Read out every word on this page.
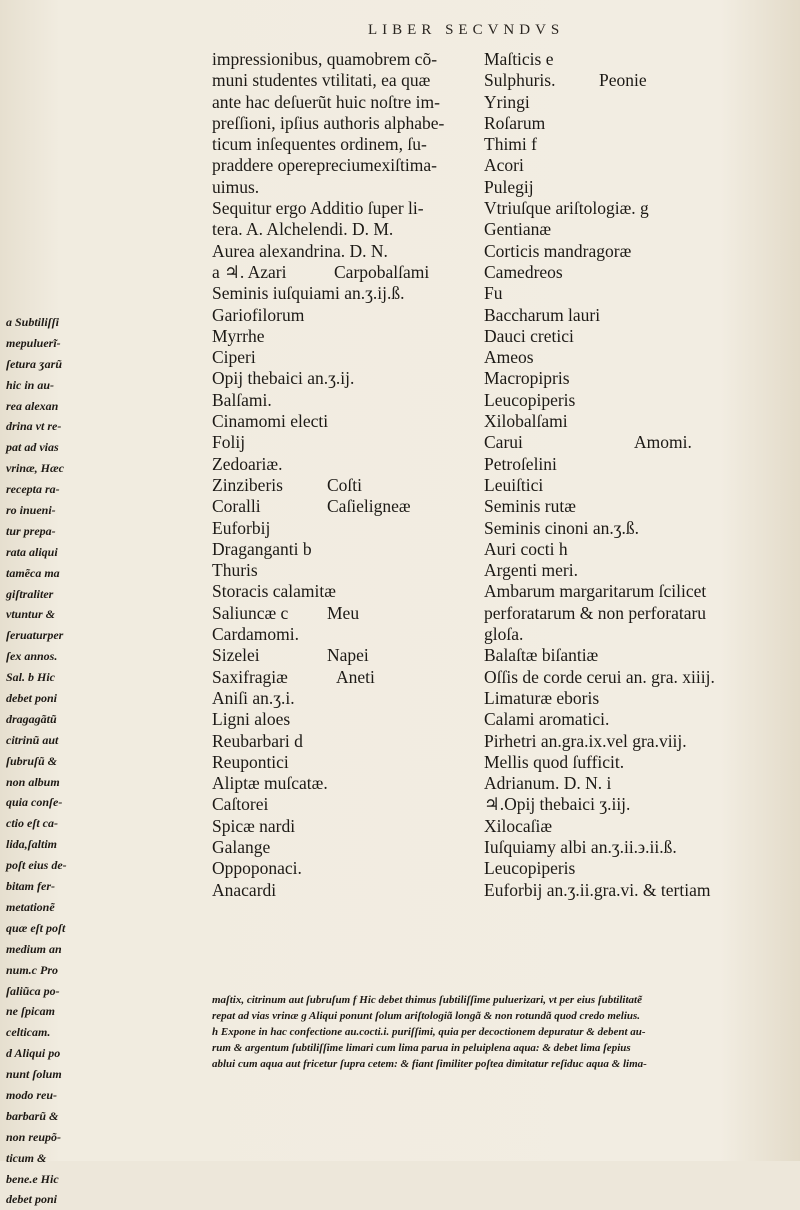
LIBER SECVNDVS
impressionibus, quamobrem cõ-
muni studentes vtilitati, ea quæ
ante hac deſuerũt huic noſtre im-
preſſioni, ipſius authoris alphabe-
ticum inſequentes ordinem, ſu-
praddere operepreciumexiſtima-
uimus.
Sequitur ergo Additio ſuper li-
tera. A. Alchelendi. D. M.
Aurea alexandrina. D. N.
a ♃. Azari	Carpobalſami
Seminis iuſquiami an.ʒ.ij.ß.
Gariofilorum
Myrrhe
Ciperi
Opij thebaici an.ʒ.ij.
Balſami.
Cinamomi electi
Folij
Zedoariæ.
Zinziberis	Coſti
Coralli	Caſieligneæ
Euforbij
Draganganti b
Thuris
Storacis calamitæ
Saliuncæ c Meu
Cardamomi.
Sizelei	Napei
Saxifragiæ	Aneti
Aniſi an.ʒ.i.
Ligni aloes
Reubarbari d
Reupontici
Aliptæ muſcatæ.
Caſtorei
Spicæ nardi
Galange
Oppoponaci.
Anacardi
Maſticis e
Sulphuris. Peonie
Yringi
Roſarum
Thimi f
Acori
Pulegij
Vtriuſque ariſtologiæ. g
Gentianæ
Corticis mandragoræ
Camedreos
Fu
Baccharum lauri
Dauci cretici
Ameos
Macropipris
Leucopiperis
Xilobalſami
Carui	Amomi.
Petroſelini
Leuiſtici
Seminis rutæ
Seminis cinoni an.ʒ.ß.
Auri cocti h
Argenti meri.
Ambarum margaritarum ſcilicet
perforatarum & non perforataru
gloſa.
Balaſtæ biſantiæ
Oſſis de corde cerui an. gra. xiiij.
Limaturæ eboris
Calami aromatici.
Pirhetri an.gra.ix.vel gra.viij.
Mellis quod ſufficit.
Adrianum. D. N. i
♃.Opij thebaici ʒ.iij.
Xilocaſiæ
Iuſquiamy albi an.ʒ.ii.϶.ii.ß.
Leucopiperis
Euforbij an.ʒ.ii.gra.vi. & tertiam
a Subtiliſſi
mepuluerĩ-
ſetura ʒarũ
hic in au-
rea alexan
drina vt re-
pat ad vias
vrinæ, Hæc
recepta ra-
ro inueni-
tur prepa-
rata aliqui
tamẽca ma
giſtraliter
vtuntur &
ſeruaturper
ſex annos.
Sal. b Hic
debet poni
dragagãtũ
citrinũ aut
ſubruſũ &
non album
quia conſe-
ctio eſt ca-
lida,ſaltim
poſt eius de-
bitam fer-
metationẽ
quæ eſt poſt
medium an
num.c Pro
ſaliũca po-
ne ſpicam
celticam.
d Aliqui po
nunt ſolum
modo reu-
barbarũ &
non reupõ-
ticum &
bene.e Hic
debet poni
maſtix, citrinum aut ſubruſum f Hic debet thimus ſubtiliſſime puluerizari, vt per eius ſubtilitatẽ
repat ad vias vrinæ g Aliqui ponunt ſolum ariſtologiã longã & non rotundã quod credo melius.
h Expone in hac confectione au.cocti.i. puriſſimi, quia per decoctionem depuratur & debent au-
rum & argentum ſubtiliſſime limari cum lima parua in peluiplena aqua: & debet lima ſepius
ablui cum aqua aut fricetur ſupra cetem: & fiant ſimiliter poſtea dimitatur reſiduc aqua & lima-
